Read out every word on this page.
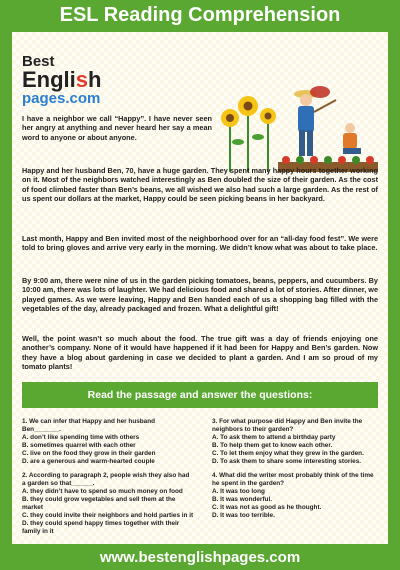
ESL Reading Comprehension
Best
English
pages.com
I have a neighbor we call “Happy”. I have never seen her angry at anything and never heard her say a mean word to anyone or about anyone.
Happy and her husband Ben, 70, have a huge garden. They spent many happy hours together working on it. Most of the neighbors watched interestingly as Ben doubled the size of their garden. As the cost of food climbed faster than Ben’s beans, we all wished we also had such a large garden. As the rest of us spent our dollars at the market, Happy could be seen picking beans in her backyard.
Last month, Happy and Ben invited most of the neighborhood over for an “all-day food fest”. We were told to bring gloves and arrive very early in the morning. We didn’t know what was about to take place.
By 9:00 am, there were nine of us in the garden picking tomatoes, beans, peppers, and cucumbers. By 10:00 am, there was lots of laughter. We had delicious food and shared a lot of stories. After dinner, we played games. As we were leaving, Happy and Ben handed each of us a shopping bag filled with the vegetables of the day, already packaged and frozen. What a delightful gift!
Well, the point wasn’t so much about the food. The true gift was a day of friends enjoying one another’s company. None of it would have happened if it had been for Happy and Ben’s garden. Now they have a blog about gardening in case we decided to plant a garden. And I am so proud of my tomato plants!
Read the passage and answer the questions:
1. We can infer that Happy and her husband Ben_______.
A. don’t like spending time with others
B. sometimes quarrel with each other
C. live on the food they grow in their garden
D. are a generous and warm-hearted couple
2. According to paragraph 2, people wish they also had a garden so that______.
A. they didn’t have to spend so much money on food
B. they could grow vegetables and sell them at the market
C. they could invite their neighbors and hold parties in it
D. they could spend happy times together with their family in it
3. For what purpose did Happy and Ben invite the neighbors to their garden?
A. To ask them to attend a birthday party
B. To help them get to know each other.
C. To let them enjoy what they grew in the garden.
D. To ask them to share some interesting stories.
4. What did the writer most probably think of the time he spent in the garden?
A. It was too long
B. It was wonderful.
C. It was not as good as he thought.
D. It was too terrible.
www.bestenglishpages.com
